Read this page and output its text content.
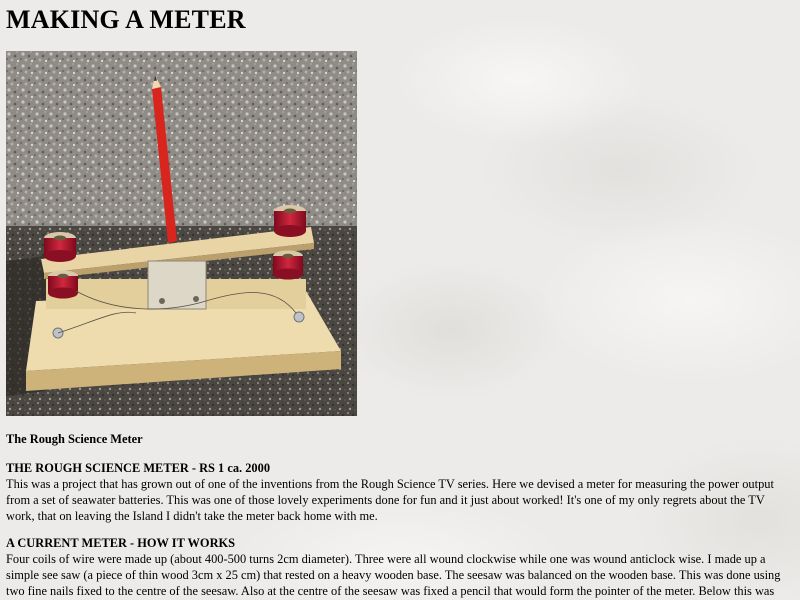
MAKING A METER

The Rough Science Meter

THE ROUGH SCIENCE METER - RS 1 ca. 2000

This was a project that has grown out of one of the inventions from the Rough Science TV series. Here we devised a meter for measuring the power output from a set of seawater batteries. This was one of those lovely experiments done for fun and it just about worked! It's one of my only regrets about the TV work, that on leaving the Island I didn't take the meter back home with me.

A CURRENT METER - HOW IT WORKS

Four coils of wire were made up (about 400-500 turns 2cm diameter). Three were all wound clockwise while one was wound anticlock wise. I made up a simple see saw (a piece of thin wood 3cm x 25 cm) that rested on a heavy wooden base. The seesaw was balanced on the wooden base. This was done using two fine nails fixed to the centre of the seesaw. Also at the centre of the seesaw was fixed a pencil that would form the pointer of the meter. Below this was
